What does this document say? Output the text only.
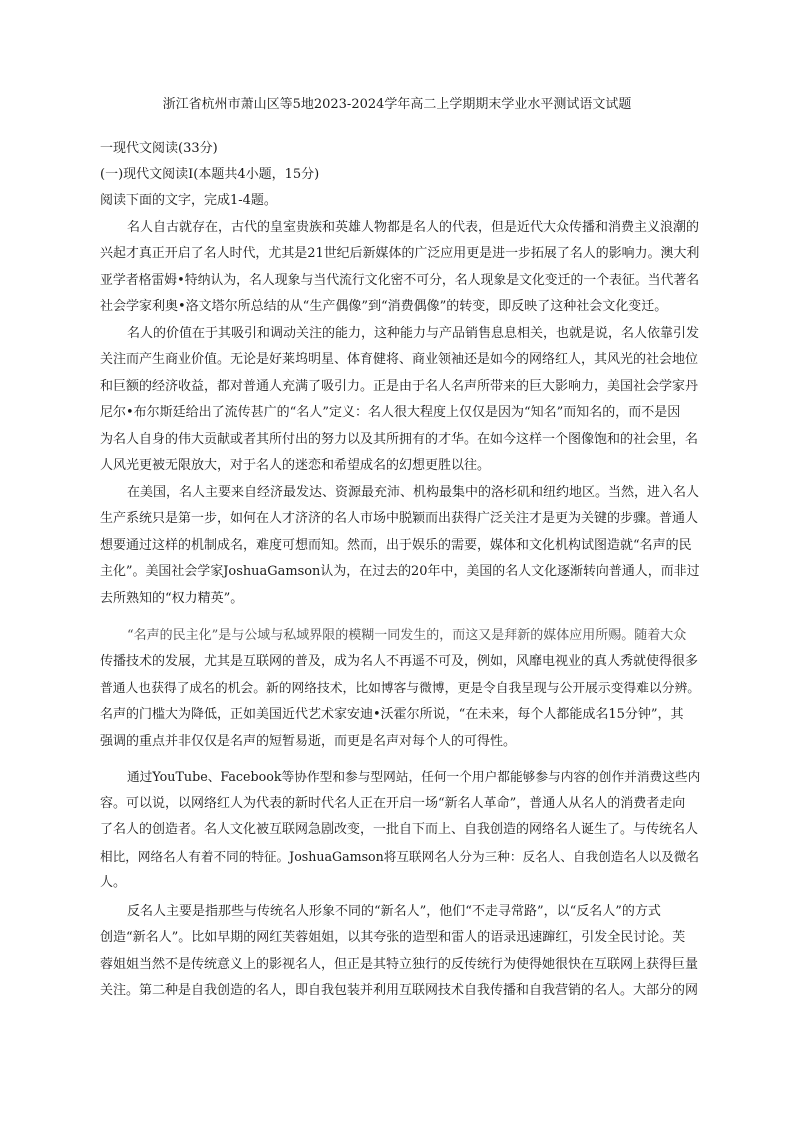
浙江省杭州市萧山区等5地2023-2024学年高二上学期期末学业水平测试语文试题
一现代文阅读(33分)
(一)现代文阅读Ⅰ(本题共4小题，15分)
阅读下面的文字，完成1-4题。
名人自古就存在，古代的皇室贵族和英雄人物都是名人的代表，但是近代大众传播和消费主义浪潮的
兴起才真正开启了名人时代，尤其是21世纪后新媒体的广泛应用更是进一步拓展了名人的影响力。澳大利
亚学者格雷姆•特纳认为，名人现象与当代流行文化密不可分，名人现象是文化变迁的一个表征。当代著名
社会学家利奥•洛文塔尔所总结的从“生产偶像”到“消费偶像”的转变，即反映了这种社会文化变迁。
名人的价值在于其吸引和调动关注的能力，这种能力与产品销售息息相关，也就是说，名人依靠引发
关注而产生商业价值。无论是好莱坞明星、体育健将、商业领袖还是如今的网络红人，其风光的社会地位
和巨额的经济收益，都对普通人充满了吸引力。正是由于名人名声所带来的巨大影响力，美国社会学家丹
尼尔•布尔斯廷给出了流传甚广的“名人”定义：名人很大程度上仅仅是因为“知名”而知名的，而不是因
为名人自身的伟大贡献或者其所付出的努力以及其所拥有的才华。在如今这样一个图像饱和的社会里，名
人风光更被无限放大，对于名人的迷恋和希望成名的幻想更胜以往。
在美国，名人主要来自经济最发达、资源最充沛、机构最集中的洛杉矶和纽约地区。当然，进入名人
生产系统只是第一步，如何在人才济济的名人市场中脱颖而出获得广泛关注才是更为关键的步骤。普通人
想要通过这样的机制成名，难度可想而知。然而，出于娱乐的需要，媒体和文化机构试图造就“名声的民
主化”。美国社会学家JoshuaGamson认为，在过去的20年中，美国的名人文化逐渐转向普通人，而非过
去所熟知的“权力精英”。
“名声的民主化”是与公域与私域界限的模糊一同发生的，而这又是拜新的媒体应用所赐。随着大众
传播技术的发展，尤其是互联网的普及，成为名人不再遥不可及，例如，风靡电视业的真人秀就使得很多
普通人也获得了成名的机会。新的网络技术，比如博客与微博，更是令自我呈现与公开展示变得难以分辨。
名声的门槛大为降低，正如美国近代艺术家安迪•沃霍尔所说，“在未来，每个人都能成名15分钟”，其
强调的重点并非仅仅是名声的短暂易逝，而更是名声对每个人的可得性。
通过YouTube、Facebook等协作型和参与型网站，任何一个用户都能够参与内容的创作并消费这些内
容。可以说，以网络红人为代表的新时代名人正在开启一场“新名人革命”，普通人从名人的消费者走向
了名人的创造者。名人文化被互联网急剧改变，一批自下而上、自我创造的网络名人诞生了。与传统名人
相比，网络名人有着不同的特征。JoshuaGamson将互联网名人分为三种：反名人、自我创造名人以及微名
人。
反名人主要是指那些与传统名人形象不同的“新名人”，他们“不走寻常路”，以“反名人”的方式
创造“新名人”。比如早期的网红芙蓉姐姐，以其夸张的造型和雷人的语录迅速蹿红，引发全民讨论。芙
蓉姐姐当然不是传统意义上的影视名人，但正是其特立独行的反传统行为使得她很快在互联网上获得巨量
关注。第二种是自我创造的名人，即自我包装并利用互联网技术自我传播和自我营销的名人。大部分的网
